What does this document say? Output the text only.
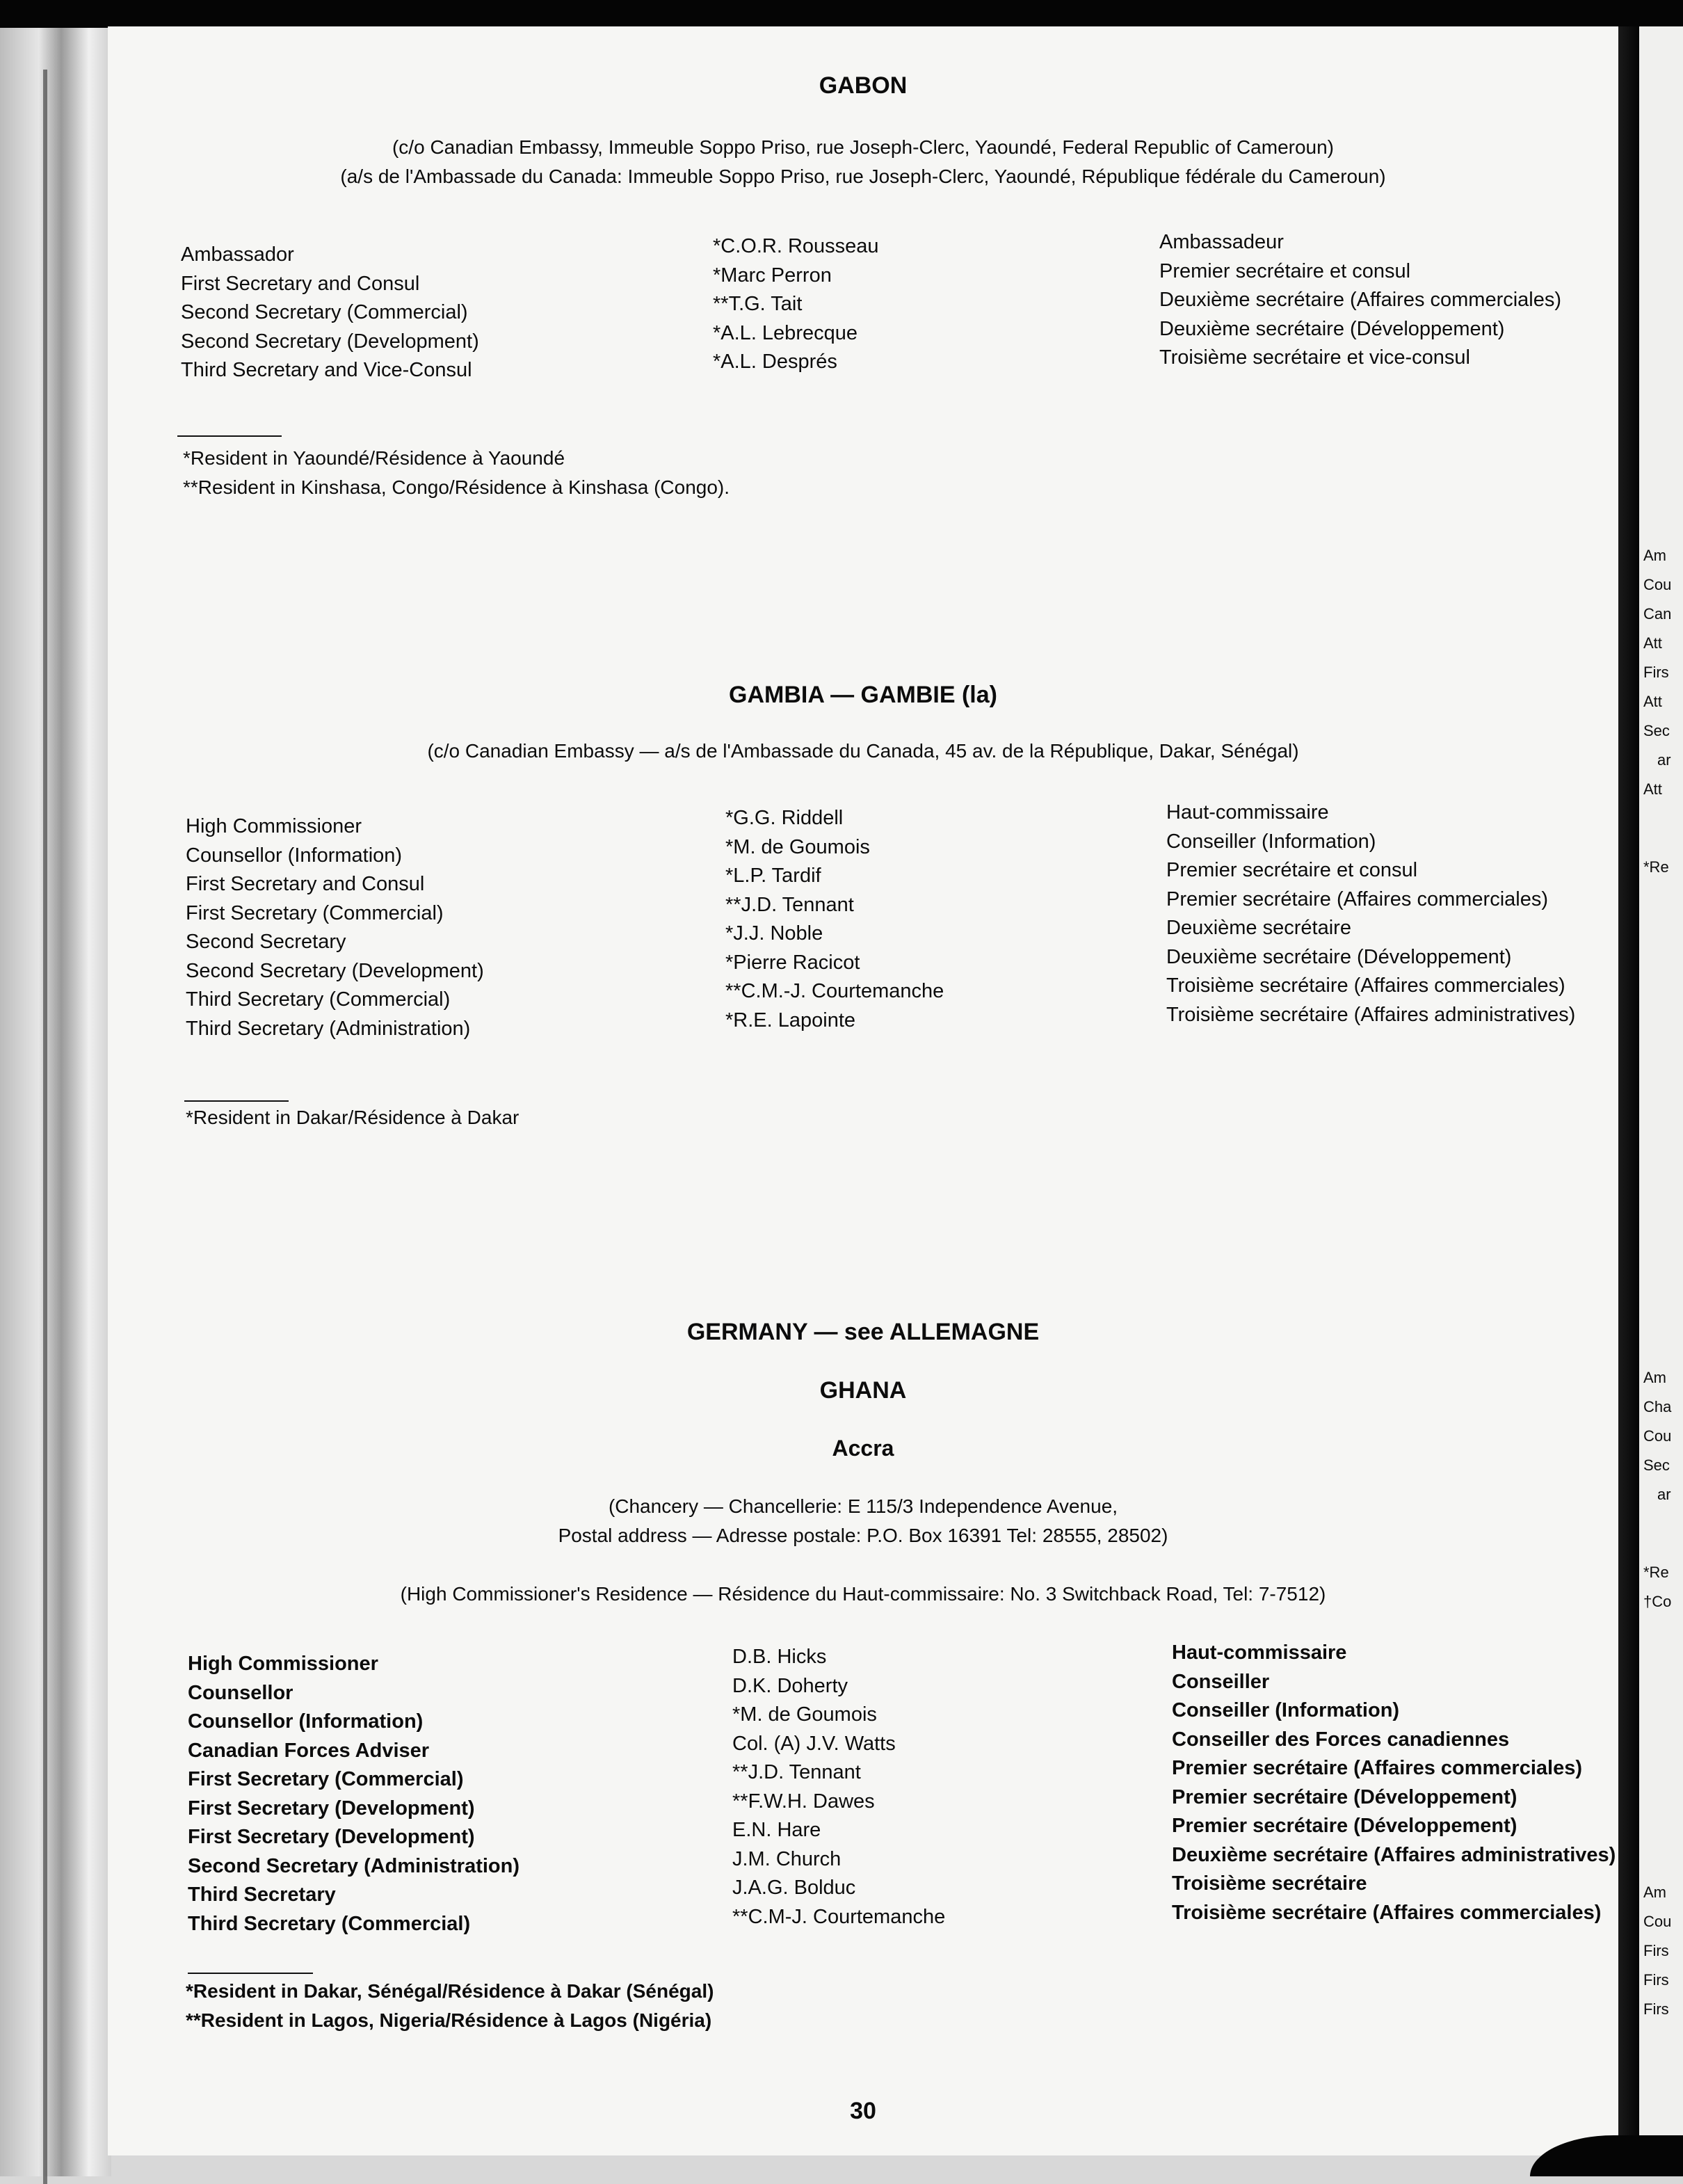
GABON
(c/o Canadian Embassy, Immeuble Soppo Priso, rue Joseph-Clerc, Yaoundé, Federal Republic of Cameroun)
(a/s de l'Ambassade du Canada: Immeuble Soppo Priso, rue Joseph-Clerc, Yaoundé, République fédérale du Cameroun)
Ambassador
First Secretary and Consul
Second Secretary (Commercial)
Second Secretary (Development)
Third Secretary and Vice-Consul
*C.O.R. Rousseau
*Marc Perron
**T.G. Tait
*A.L. Lebrecque
*A.L. Després
Ambassadeur
Premier secrétaire et consul
Deuxième secrétaire (Affaires commerciales)
Deuxième secrétaire (Développement)
Troisième secrétaire et vice-consul
*Resident in Yaoundé/Résidence à Yaoundé
**Resident in Kinshasa, Congo/Résidence à Kinshasa (Congo).
GAMBIA — GAMBIE (la)
(c/o Canadian Embassy — a/s de l'Ambassade du Canada, 45 av. de la République, Dakar, Sénégal)
High Commissioner
Counsellor (Information)
First Secretary and Consul
First Secretary (Commercial)
Second Secretary
Second Secretary (Development)
Third Secretary (Commercial)
Third Secretary (Administration)
*G.G. Riddell
*M. de Goumois
*L.P. Tardif
**J.D. Tennant
*J.J. Noble
*Pierre Racicot
**C.M.-J. Courtemanche
*R.E. Lapointe
Haut-commissaire
Conseiller (Information)
Premier secrétaire et consul
Premier secrétaire (Affaires commerciales)
Deuxième secrétaire
Deuxième secrétaire (Développement)
Troisième secrétaire (Affaires commerciales)
Troisième secrétaire (Affaires administratives)
*Resident in Dakar/Résidence à Dakar
GERMANY — see ALLEMAGNE
GHANA
Accra
(Chancery — Chancellerie: E 115/3 Independence Avenue,
Postal address — Adresse postale: P.O. Box 16391 Tel: 28555, 28502)
(High Commissioner's Residence — Résidence du Haut-commissaire: No. 3 Switchback Road, Tel: 7-7512)
High Commissioner
Counsellor
Counsellor (Information)
Canadian Forces Adviser
First Secretary (Commercial)
First Secretary (Development)
First Secretary (Development)
Second Secretary (Administration)
Third Secretary
Third Secretary (Commercial)
D.B. Hicks
D.K. Doherty
*M. de Goumois
Col. (A) J.V. Watts
**J.D. Tennant
**F.W.H. Dawes
E.N. Hare
J.M. Church
J.A.G. Bolduc
**C.M-J. Courtemanche
Haut-commissaire
Conseiller
Conseiller (Information)
Conseiller des Forces canadiennes
Premier secrétaire (Affaires commerciales)
Premier secrétaire (Développement)
Premier secrétaire (Développement)
Deuxième secrétaire (Affaires administratives)
Troisième secrétaire
Troisième secrétaire (Affaires commerciales)
*Resident in Dakar, Sénégal/Résidence à Dakar (Sénégal)
**Resident in Lagos, Nigeria/Résidence à Lagos (Nigéria)
30
Am
Cou
Can
Att
Firs
Att
Sec
ar
Att
*Re
Am
Cha
Cou
Sec
ar
*Re
†Co
Am
Cou
Firs
Firs
Firs
